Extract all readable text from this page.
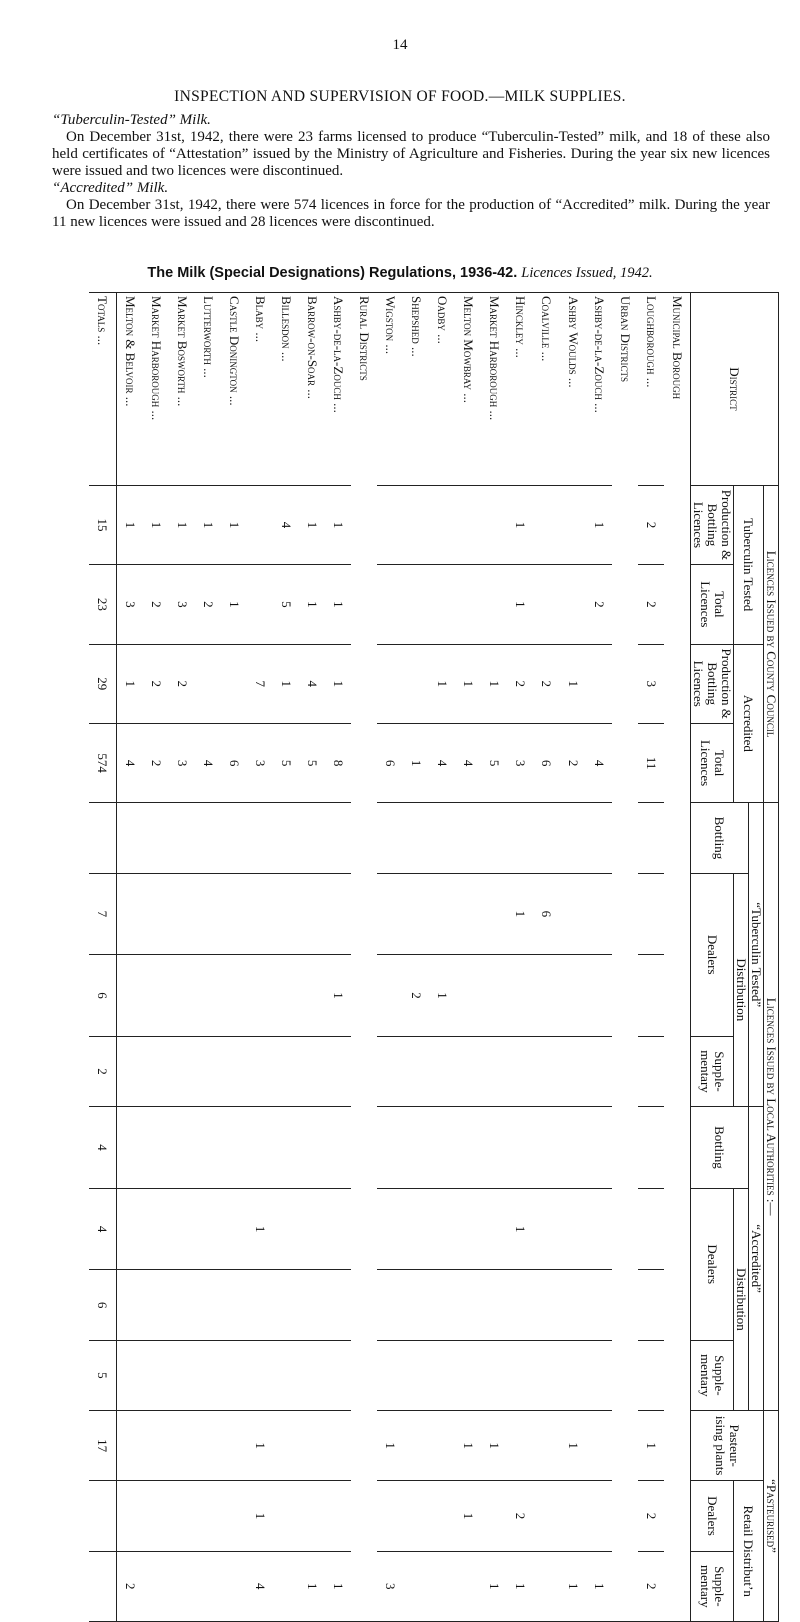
14
INSPECTION AND SUPERVISION OF FOOD.—MILK SUPPLIES.
“Tuberculin-Tested” Milk.

On December 31st, 1942, there were 23 farms licensed to produce “Tuberculin-Tested” milk, and 18 of these also held certificates of “Attestation” issued by the Ministry of Agriculture and Fisheries. During the year six new licences were issued and two licences were discontinued.

“Accredited” Milk.

On December 31st, 1942, there were 574 licences in force for the production of “Accredited” milk. During the year 11 new licences were issued and 28 licences were discontinued.

The Milk (Special Designations) Regulations, 1936-42. Licences Issued, 1942.
District	Licences Issued by County Council				Licences Issued by Local Authorities :—								“Pasteurised”		
	Tuberculin Tested		Accredited		“Tuberculin Tested”				“Accredited”				Pasteur- ising plants	Retail Distribut’n	
					Bottling	Distribution			Bottling	Distribution					
	Production & Bottling Licences	Total Licences	Production & Bottling Licences	Total Licences		Dealers		Supple- mentary		Dealers		Supple- mentary		Dealers	Supple- mentary
Municipal Borough															
Loughborough ...	2	2	3	11									1	2	2
Urban Districts															
Ashby-de-la-Zouch ...	1	2		4											1
Ashby Woulds ...			1	2									1		1
Coalville ...			2	6		6									
Hinckley ...	1	1	2	3		1				1				2	1
Market Harborough ...			1	5									1		1
Melton Mowbray ...			1	4									1	1	
Oadby ...			1	4			1								
Shepshed ...				1			2								
Wigston ...				6									1		3
Rural Districts															
Ashby-de-la-Zouch ...	1	1	1	8			1								1
Barrow-on-Soar ...	1	1	4	5											1
Billesdon ...	4	5	1	5											
Blaby ...			7	3						1			1	1	4
Castle Donington ...	1	1		6											
Lutterworth ...	1	2		4											
Market Bosworth ...	1	3	2	3											
Market Harborough ...	1	2	2	2											
Melton & Belvoir ...	1	3	1	4											2
Totals ...	15	23	29	574		7	6	2	4	4	6	5	17		
